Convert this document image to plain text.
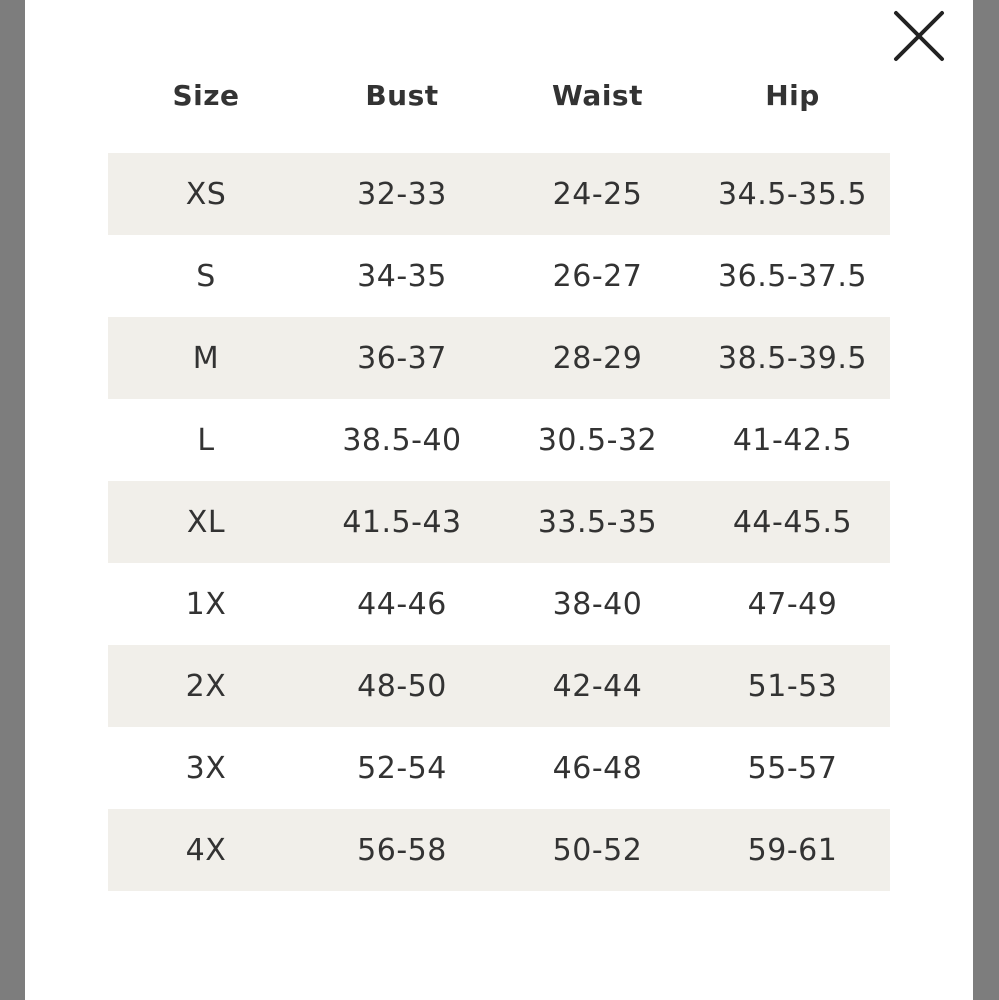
Size	Bust	Waist	Hip
XS	32-33	24-25	34.5-35.5
S	34-35	26-27	36.5-37.5
M	36-37	28-29	38.5-39.5
L	38.5-40	30.5-32	41-42.5
XL	41.5-43	33.5-35	44-45.5
1X	44-46	38-40	47-49
2X	48-50	42-44	51-53
3X	52-54	46-48	55-57
4X	56-58	50-52	59-61
